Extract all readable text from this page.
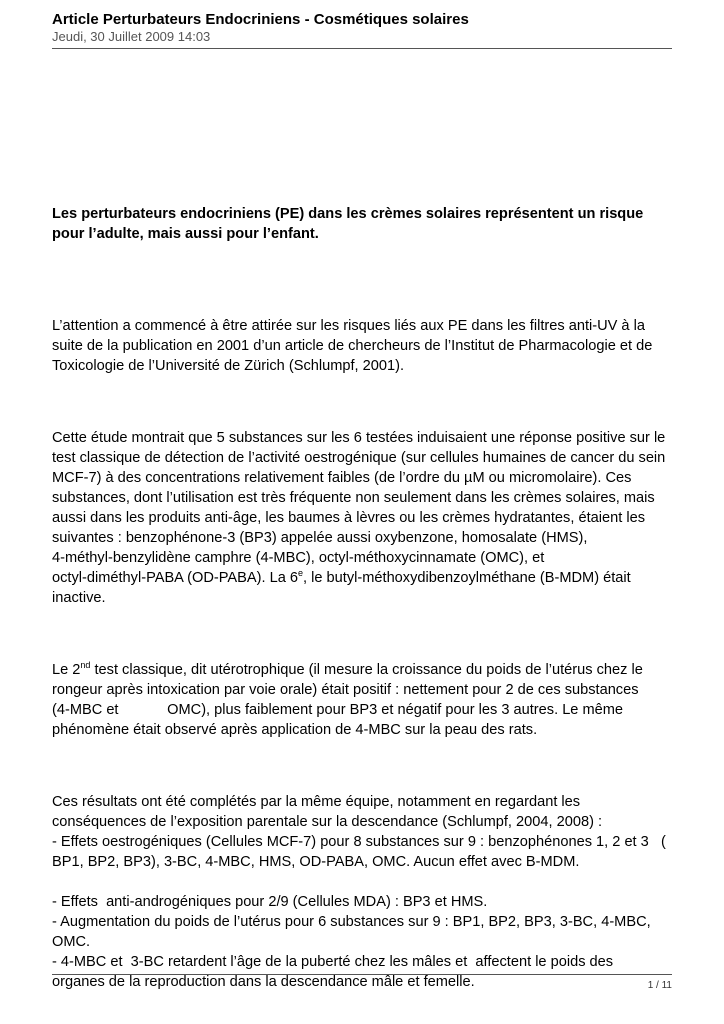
Article Perturbateurs Endocriniens - Cosmétiques solaires
Jeudi, 30 Juillet 2009 14:03

Les perturbateurs endocriniens (PE) dans les crèmes solaires représentent un risque
pour l’adulte, mais aussi pour l’enfant.

L’attention a commencé à être attirée sur les risques liés aux PE dans les filtres anti-UV à la
suite de la publication en 2001 d’un article de chercheurs de l’Institut de Pharmacologie et de
Toxicologie de l’Université de Zürich (Schlumpf, 2001).

Cette étude montrait que 5 substances sur les 6 testées induisaient une réponse positive sur le
test classique de détection de l’activité oestrogénique (sur cellules humaines de cancer du sein
MCF-7) à des concentrations relativement faibles (de l’ordre du µM ou micromolaire). Ces
substances, dont l’utilisation est très fréquente non seulement dans les crèmes solaires, mais
aussi dans les produits anti-âge, les baumes à lèvres ou les crèmes hydratantes, étaient les
suivantes : benzophénone-3 (BP3) appelée aussi oxybenzone, homosalate (HMS),
4-méthyl-benzylidène camphre (4-MBC), octyl-méthoxycinnamate (OMC), et
octyl-diméthyl-PABA (OD-PABA). La 6e, le butyl-méthoxydibenzoylméthane (B-MDM) était
inactive.

Le 2nd test classique, dit utérotrophique (il mesure la croissance du poids de l’utérus chez le
rongeur après intoxication par voie orale) était positif : nettement pour 2 de ces substances
(4-MBC et            OMC), plus faiblement pour BP3 et négatif pour les 3 autres. Le même
phénomène était observé après application de 4-MBC sur la peau des rats.

Ces résultats ont été complétés par la même équipe, notamment en regardant les
conséquences de l’exposition parentale sur la descendance (Schlumpf, 2004, 2008) :
- Effets oestrogéniques (Cellules MCF-7) pour 8 substances sur 9 : benzophénones 1, 2 et 3   (
BP1, BP2, BP3), 3-BC, 4-MBC, HMS, OD-PABA, OMC. Aucun effet avec B-MDM.

- Effets  anti-androgéniques pour 2/9 (Cellules MDA) : BP3 et HMS.
- Augmentation du poids de l’utérus pour 6 substances sur 9 : BP1, BP2, BP3, 3-BC, 4-MBC,
OMC.
- 4-MBC et  3-BC retardent l’âge de la puberté chez les mâles et  affectent le poids des
organes de la reproduction dans la descendance mâle et femelle.	1 / 11
